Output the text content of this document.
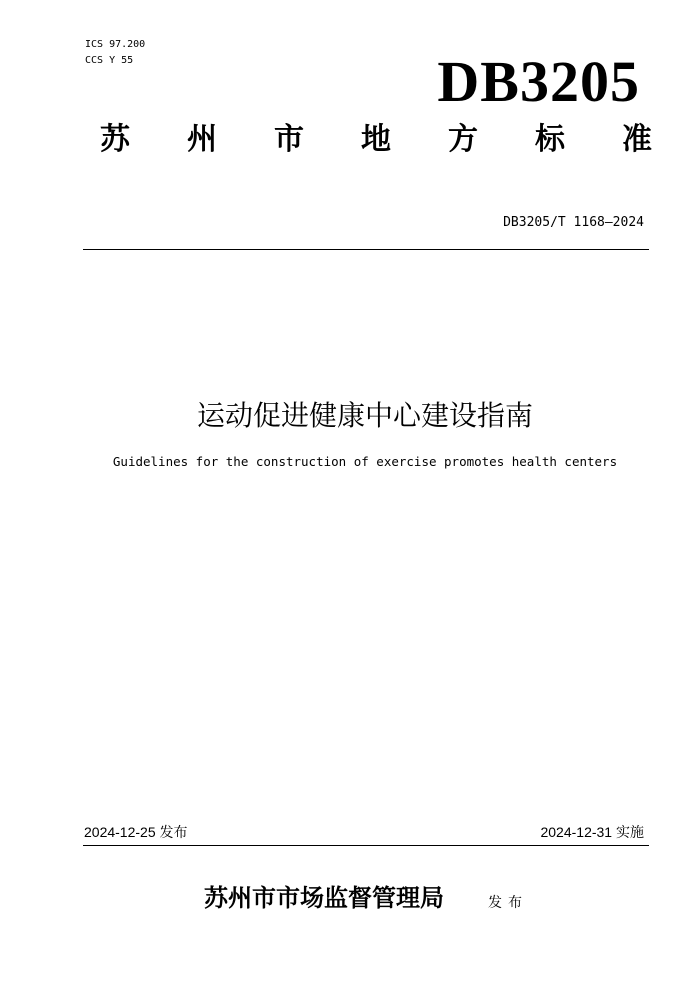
ICS 97.200
CCS Y 55	DB3205
苏 州 市 地 方 标 准
DB3205/T 1168—2024
运动促进健康中心建设指南
Guidelines for the construction of exercise promotes health centers
2024-12-25 发布	2024-12-31 实施
苏州市市场监督管理局	发布
